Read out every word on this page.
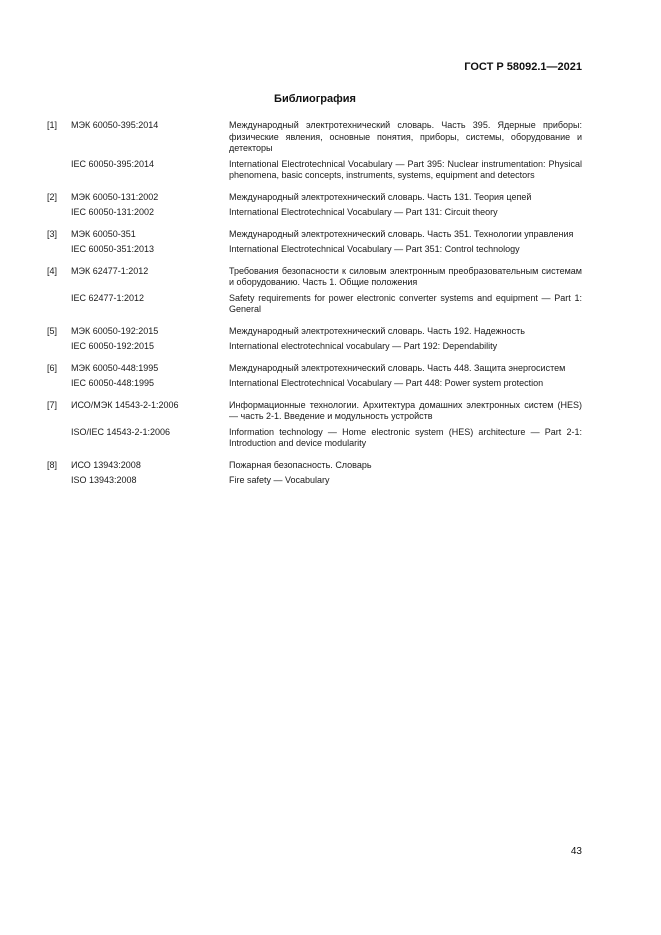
ГОСТ Р 58092.1—2021
Библиография
[1]	МЭК 60050-395:2014	Международный электротехнический словарь. Часть 395. Ядерные приборы: физические явления, основные понятия, приборы, системы, оборудование и детекторы
IEC 60050-395:2014	International Electrotechnical Vocabulary — Part 395: Nuclear instrumentation: Physical phenomena, basic concepts, instruments, systems, equipment and detectors
[2]	МЭК 60050-131:2002	Международный электротехнический словарь. Часть 131. Теория цепей
IEC 60050-131:2002	International Electrotechnical Vocabulary — Part 131: Circuit theory
[3]	МЭК 60050-351	Международный электротехнический словарь. Часть 351. Технологии управления
IEC 60050-351:2013	International Electrotechnical Vocabulary — Part 351: Control technology
[4]	МЭК 62477-1:2012	Требования безопасности к силовым электронным преобразовательным системам и оборудованию. Часть 1. Общие положения
IEC 62477-1:2012	Safety requirements for power electronic converter systems and equipment — Part 1: General
[5]	МЭК 60050-192:2015	Международный электротехнический словарь. Часть 192. Надежность
IEC 60050-192:2015	International electrotechnical vocabulary — Part 192: Dependability
[6]	МЭК 60050-448:1995	Международный электротехнический словарь. Часть 448. Защита энергосистем
IEC 60050-448:1995	International Electrotechnical Vocabulary — Part 448: Power system protection
[7]	ИСО/МЭК 14543-2-1:2006	Информационные технологии. Архитектура домашних электронных систем (HES) — часть 2-1. Введение и модульность устройств
ISO/IEC 14543-2-1:2006	Information technology — Home electronic system (HES) architecture — Part 2-1: Introduction and device modularity
[8]	ИСО 13943:2008	Пожарная безопасность. Словарь
ISO 13943:2008	Fire safety — Vocabulary
43
